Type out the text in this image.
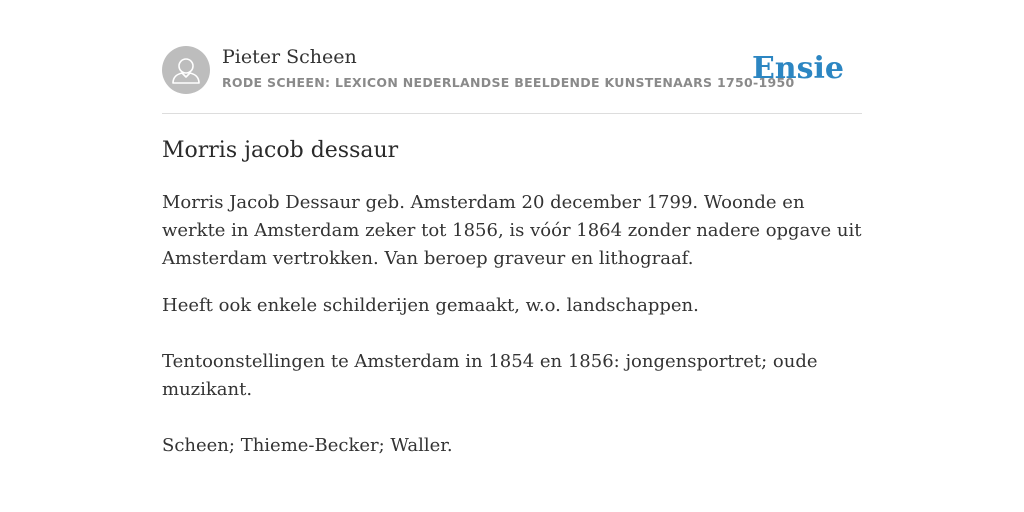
Pieter Scheen
RODE SCHEEN: LEXICON NEDERLANDSE BEELDENDE KUNSTENAARS 1750-1950
Ensie
Morris jacob dessaur

Morris Jacob Dessaur geb. Amsterdam 20 december 1799. Woonde en werkte in Amsterdam zeker tot 1856, is vóór 1864 zonder nadere opgave uit Amsterdam vertrokken. Van beroep graveur en lithograaf.

Heeft ook enkele schilderijen gemaakt, w.o. landschappen.

Tentoonstellingen te Amsterdam in 1854 en 1856: jongensportret; oude muzikant.

Scheen; Thieme-Becker; Waller.
